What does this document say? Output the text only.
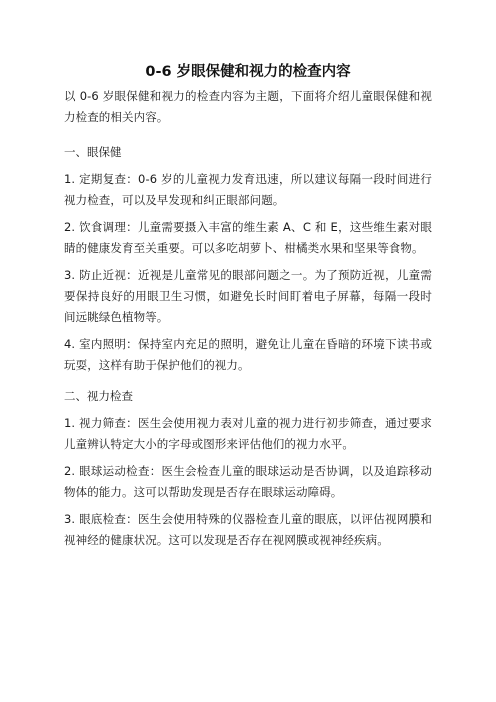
0-6 岁眼保健和视力的检查内容

以 0-6 岁眼保健和视力的检查内容为主题，下面将介绍儿童眼保健和视力检查的相关内容。

一、眼保健

1. 定期复查：0-6 岁的儿童视力发育迅速，所以建议每隔一段时间进行视力检查，可以及早发现和纠正眼部问题。

2. 饮食调理：儿童需要摄入丰富的维生素 A、C 和 E，这些维生素对眼睛的健康发育至关重要。可以多吃胡萝卜、柑橘类水果和坚果等食物。

3. 防止近视：近视是儿童常见的眼部问题之一。为了预防近视，儿童需要保持良好的用眼卫生习惯，如避免长时间盯着电子屏幕，每隔一段时间远眺绿色植物等。

4. 室内照明：保持室内充足的照明，避免让儿童在昏暗的环境下读书或玩耍，这样有助于保护他们的视力。

二、视力检查

1. 视力筛查：医生会使用视力表对儿童的视力进行初步筛查，通过要求儿童辨认特定大小的字母或图形来评估他们的视力水平。

2. 眼球运动检查：医生会检查儿童的眼球运动是否协调，以及追踪移动物体的能力。这可以帮助发现是否存在眼球运动障碍。

3. 眼底检查：医生会使用特殊的仪器检查儿童的眼底，以评估视网膜和视神经的健康状况。这可以发现是否存在视网膜或视神经疾病。
